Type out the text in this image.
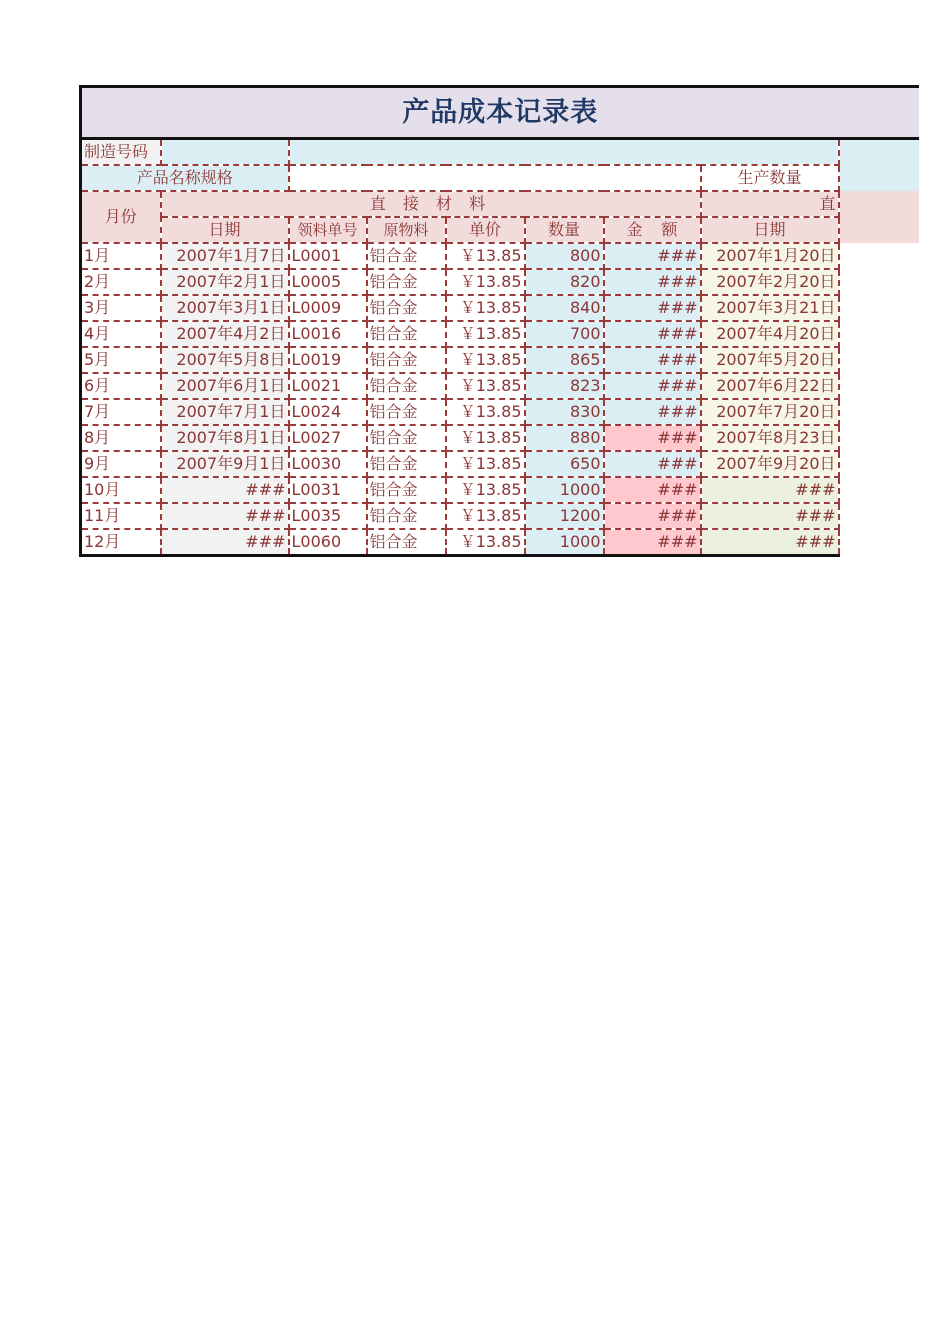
产品成本记录表								
制造号码								
产品名称规格							生产数量	
月份	直 接 材 料						直	
	日期	领料单号	原物料	单价	数量	金 额	日期	
1月	2007年1月7日	L0001	铝合金	￥13.85	800	###	2007年1月20日	
2月	2007年2月1日	L0005	铝合金	￥13.85	820	###	2007年2月20日	
3月	2007年3月1日	L0009	铝合金	￥13.85	840	###	2007年3月21日	
4月	2007年4月2日	L0016	铝合金	￥13.85	700	###	2007年4月20日	
5月	2007年5月8日	L0019	铝合金	￥13.85	865	###	2007年5月20日	
6月	2007年6月1日	L0021	铝合金	￥13.85	823	###	2007年6月22日	
7月	2007年7月1日	L0024	铝合金	￥13.85	830	###	2007年7月20日	
8月	2007年8月1日	L0027	铝合金	￥13.85	880	###	2007年8月23日	
9月	2007年9月1日	L0030	铝合金	￥13.85	650	###	2007年9月20日	
10月	###	L0031	铝合金	￥13.85	1000	###	###	
11月	###	L0035	铝合金	￥13.85	1200	###	###	
12月	###	L0060	铝合金	￥13.85	1000	###	###	
